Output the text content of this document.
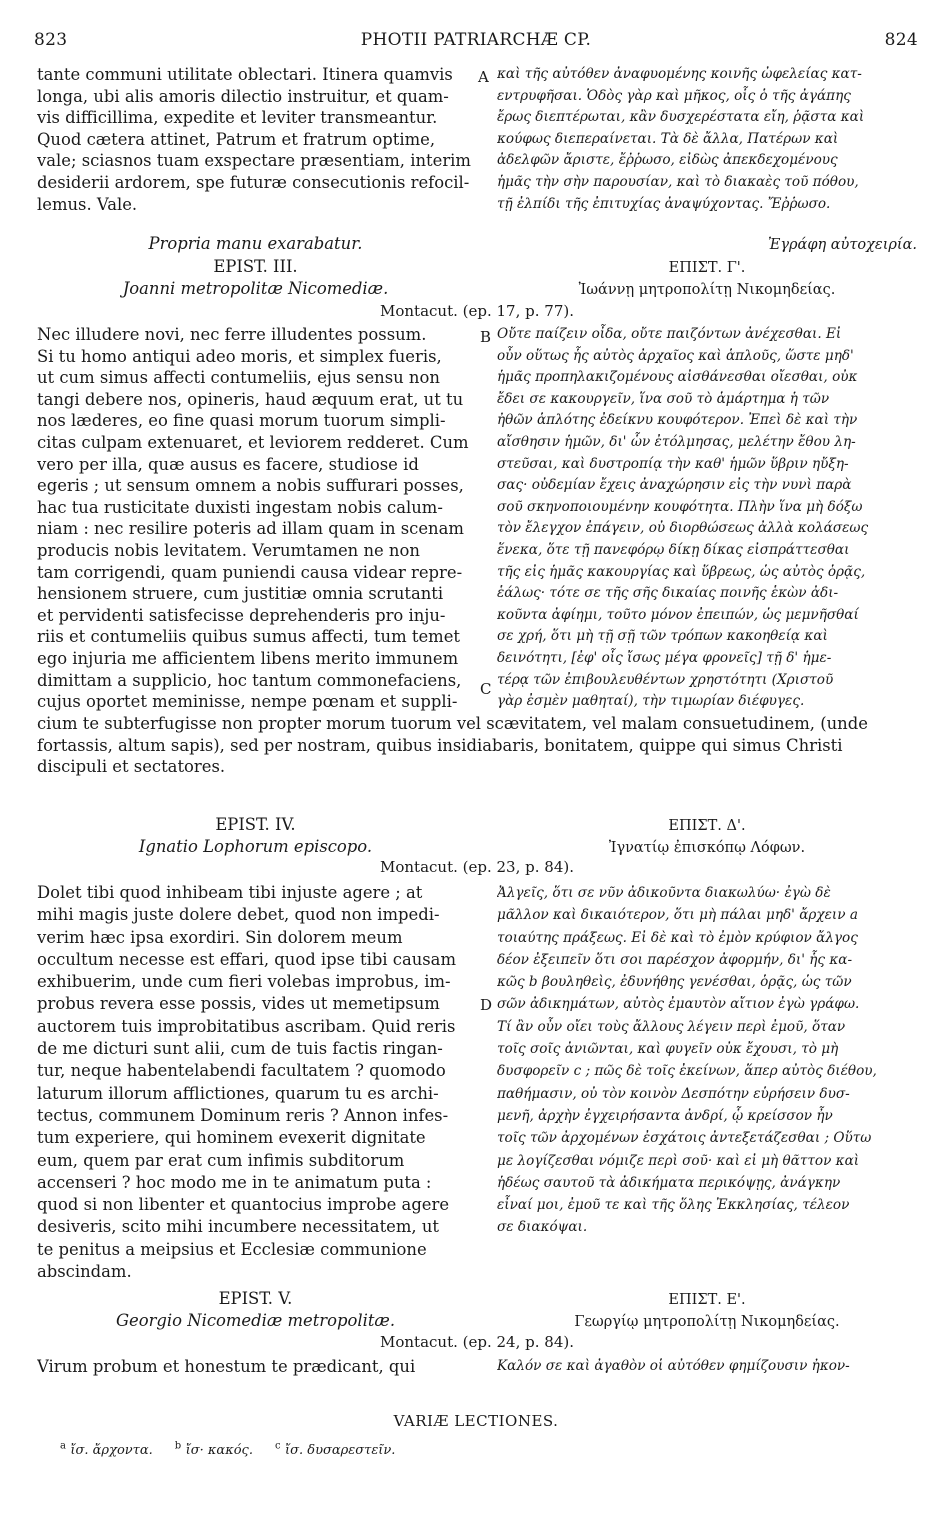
823	PHOTII PATRIARCHÆ CP.	824
tante communi utilitate oblectari. Itinera quamvis
longa, ubi alis amoris dilectio instruitur, et quam-
vis difficillima, expedite et leviter transmeantur.
Quod cætera attinet, Patrum et fratrum optime,
vale; sciasnos tuam exspectare præsentiam, interim
desiderii ardorem, spe futuræ consecutionis refocil-
lemus. Vale.
καὶ τῆς αὐτόθεν ἀναφυομένης κοινῆς ὠφελείας κατ-
εντρυφῆσαι. Ὁδὸς γὰρ καὶ μῆκος, οἷς ὁ τῆς ἀγάπης
ἔρως διεπτέρωται, κἂν δυσχερέστατα εἴη, ῥᾷστα καὶ
κούφως διεπεραίνεται. Τὰ δὲ ἄλλα, Πατέρων καὶ
ἀδελφῶν ἄριστε, ἔῤῥωσο, εἰδὼς ἀπεκδεχομένους
ἡμᾶς τὴν σὴν παρουσίαν, καὶ τὸ διακαὲς τοῦ πόθου,
τῇ ἐλπίδι τῆς ἐπιτυχίας ἀναψύχοντας. Ἔῤῥωσο.
A
Propria manu exarabatur.	Ἐγράφη αὐτοχειρία.
EPIST. III.	ΕΠΙΣΤ. Γ'.
Joanni metropolitæ Nicomediæ.	Ἰωάννῃ μητροπολίτῃ Νικομηδείας.
Montacut. (ep. 17, p. 77).
Nec illudere novi, nec ferre illudentes possum.
Si tu homo antiqui adeo moris, et simplex fueris,
ut cum simus affecti contumeliis, ejus sensu non
tangi debere nos, opineris, haud æquum erat, ut tu
nos læderes, eo fine quasi morum tuorum simpli-
citas culpam extenuaret, et leviorem redderet. Cum
vero per illa, quæ ausus es facere, studiose id
egeris ; ut sensum omnem a nobis suffurari posses,
hac tua rusticitate duxisti ingestam nobis calum-
niam : nec resilire poteris ad illam quam in scenam
producis nobis levitatem. Verumtamen ne non
tam corrigendi, quam puniendi causa videar repre-
hensionem struere, cum justitiæ omnia scrutanti
et pervidenti satisfecisse deprehenderis pro inju-
riis et contumeliis quibus sumus affecti, tum temet
ego injuria me afficientem libens merito immunem
dimittam a supplicio, hoc tantum commonefaciens,
cujus oportet meminisse, nempe pœnam et suppli-
Οὔτε παίζειν οἶδα, οὔτε παιζόντων ἀνέχεσθαι. Εἰ
οὖν οὕτως ἧς αὐτὸς ἀρχαῖος καὶ ἁπλοῦς, ὥστε μηδ'
ἡμᾶς προπηλακιζομένους αἰσθάνεσθαι οἴεσθαι, οὐκ
ἔδει σε κακουργεῖν, ἵνα σοῦ τὸ ἁμάρτημα ἡ τῶν
ἠθῶν ἁπλότης ἐδείκνυ κουφότερον. Ἐπεὶ δὲ καὶ τὴν
αἴσθησιν ἡμῶν, δι' ὧν ἐτόλμησας, μελέτην ἔθου λη-
στεῦσαι, καὶ δυστροπίᾳ τὴν καθ' ἡμῶν ὕβριν ηὔξη-
σας· οὐδεμίαν ἔχεις ἀναχώρησιν εἰς τὴν νυνὶ παρὰ
σοῦ σκηνοποιουμένην κουφότητα. Πλὴν ἵνα μὴ δόξω
τὸν ἔλεγχον ἐπάγειν, οὐ διορθώσεως ἀλλὰ κολάσεως
ἕνεκα, ὅτε τῇ πανεφόρῳ δίκῃ δίκας εἰσπράττεσθαι
τῆς εἰς ἡμᾶς κακουργίας καὶ ὕβρεως, ὡς αὐτὸς ὁρᾷς,
ἑάλως· τότε σε τῆς σῆς δικαίας ποινῆς ἑκὼν ἀδι-
κοῦντα ἀφίημι, τοῦτο μόνον ἐπειπών, ὡς μεμνῆσθαί
σε χρή, ὅτι μὴ τῇ σῇ τῶν τρόπων κακοηθείᾳ καὶ
δεινότητι, [ἐφ' οἷς ἴσως μέγα φρονεῖς] τῇ δ' ἡμε-
τέρᾳ τῶν ἐπιβουλευθέντων χρηστότητι (Χριστοῦ
γὰρ ἐσμὲν μαθηταί), τὴν τιμωρίαν διέφυγες.
B
C
cium te subterfugisse non propter morum tuorum vel scævitatem, vel malam consuetudinem, (unde
fortassis, altum sapis), sed per nostram, quibus insidiabaris, bonitatem, quippe qui simus Christi
discipuli et sectatores.
EPIST. IV.	ΕΠΙΣΤ. Δ'.
Ignatio Lophorum episcopo.	Ἰγνατίῳ ἐπισκόπῳ Λόφων.
Montacut. (ep. 23, p. 84).
Dolet tibi quod inhibeam tibi injuste agere ; at
mihi magis juste dolere debet, quod non impedi-
verim hæc ipsa exordiri. Sin dolorem meum
occultum necesse est effari, quod ipse tibi causam
exhibuerim, unde cum fieri volebas improbus, im-
probus revera esse possis, vides ut memetipsum
auctorem tuis improbitatibus ascribam. Quid reris
de me dicturi sunt alii, cum de tuis factis ringan-
tur, neque habentelabendi facultatem ? quomodo
laturum illorum afflictiones, quarum tu es archi-
tectus, communem Dominum reris ? Annon infes-
tum experiere, qui hominem evexerit dignitate
eum, quem par erat cum infimis subditorum
accenseri ? hoc modo me in te animatum puta :
quod si non libenter et quantocius improbe agere
desiveris, scito mihi incumbere necessitatem, ut
te penitus a meipsius et Ecclesiæ communione
abscindam.
Ἀλγεῖς, ὅτι σε νῦν ἀδικοῦντα διακωλύω· ἐγὼ δὲ
μᾶλλον καὶ δικαιότερον, ὅτι μὴ πάλαι μηδ' ἄρχειν a
τοιαύτης πράξεως. Εἰ δὲ καὶ τὸ ἐμὸν κρύφιον ἄλγος
δέον ἐξειπεῖν ὅτι σοι παρέσχον ἀφορμήν, δι' ἧς κα-
κῶς b βουληθεὶς, ἐδυνήθης γενέσθαι, ὁρᾷς, ὡς τῶν
σῶν ἀδικημάτων, αὐτὸς ἐμαυτὸν αἴτιον ἐγὼ γράφω.
Τί ἂν οὖν οἴει τοὺς ἄλλους λέγειν περὶ ἐμοῦ, ὅταν
τοῖς σοῖς ἀνιῶνται, καὶ φυγεῖν οὐκ ἔχουσι, τὸ μὴ
δυσφορεῖν c ; πῶς δὲ τοῖς ἐκείνων, ἅπερ αὐτὸς διέθου,
παθήμασιν, οὐ τὸν κοινὸν Δεσπότην εὑρήσειν δυσ-
μενῆ, ἀρχὴν ἐγχειρήσαντα ἀνδρί, ᾧ κρείσσον ἦν
τοῖς τῶν ἀρχομένων ἐσχάτοις ἀντεξετάζεσθαι ; Οὕτω
με λογίζεσθαι νόμιζε περὶ σοῦ· καὶ εἰ μὴ θᾶττον καὶ
ἡδέως σαυτοῦ τὰ ἀδικήματα περικόψῃς, ἀνάγκην
εἶναί μοι, ἐμοῦ τε καὶ τῆς ὅλης Ἐκκλησίας, τέλεον
σε διακόψαι.
D
EPIST. V.	ΕΠΙΣΤ. Ε'.
Georgio Nicomediæ metropolitæ.	Γεωργίῳ μητροπολίτῃ Νικομηδείας.
Montacut. (ep. 24, p. 84).
Virum probum et honestum te prædicant, qui	Καλόν σε καὶ ἀγαθὸν οἱ αὐτόθεν φημίζουσιν ἠκον-
VARIÆ LECTIONES.
$^a$ ἴσ. ἄρχοντα. $^b$ ἴσ· κακός. $^c$ ἴσ. δυσαρεστεῖν.
